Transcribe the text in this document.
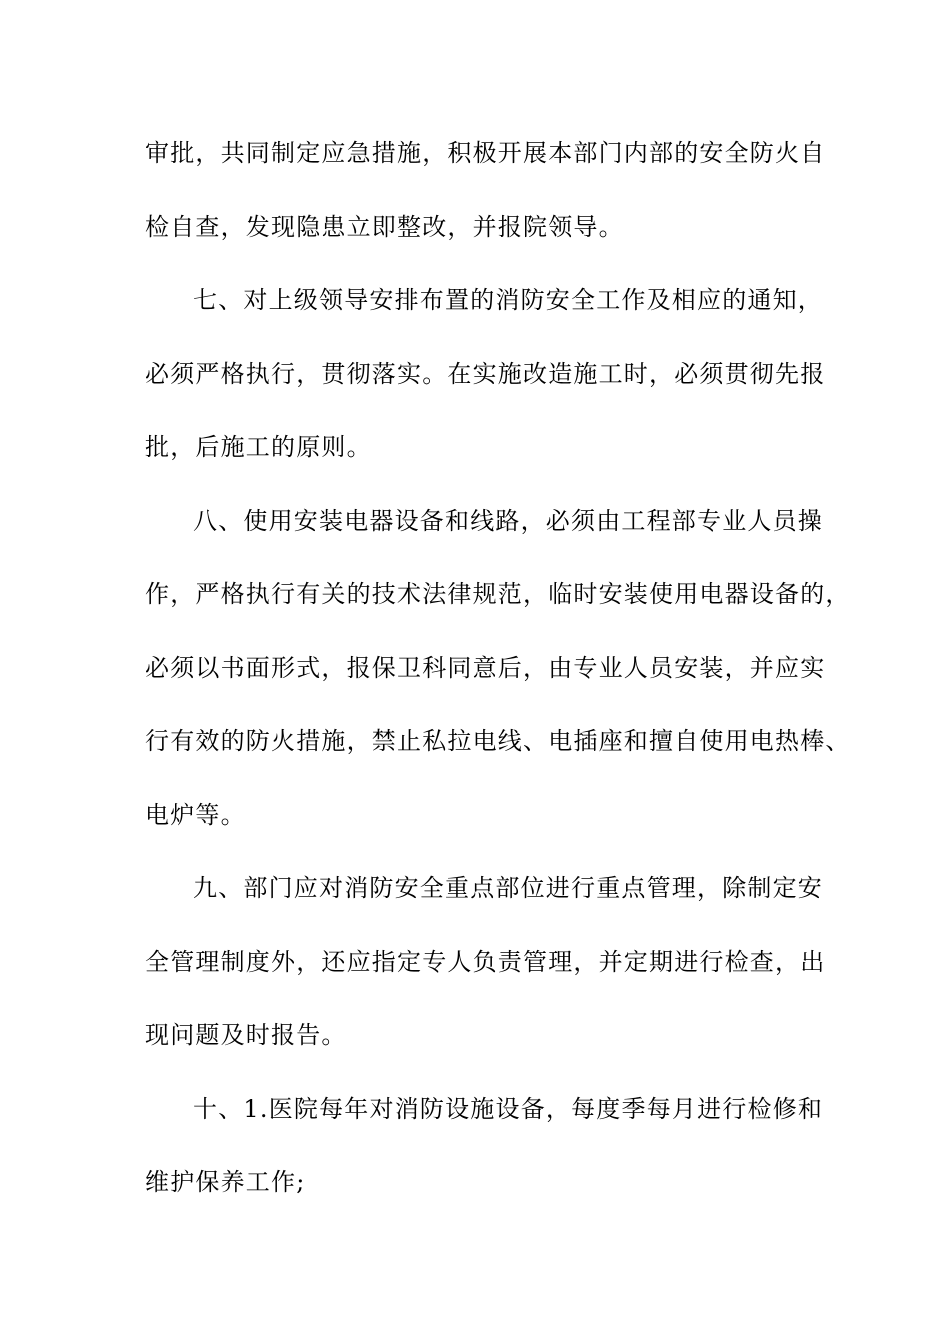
审批，共同制定应急措施，积极开展本部门内部的安全防火自
检自查，发现隐患立即整改，并报院领导。
七、对上级领导安排布置的消防安全工作及相应的通知，
必须严格执行，贯彻落实。在实施改造施工时，必须贯彻先报
批，后施工的原则。
八、使用安装电器设备和线路，必须由工程部专业人员操
作，严格执行有关的技术法律规范，临时安装使用电器设备的，
必须以书面形式，报保卫科同意后，由专业人员安装，并应实
行有效的防火措施，禁止私拉电线、电插座和擅自使用电热棒、
电炉等。
九、部门应对消防安全重点部位进行重点管理，除制定安
全管理制度外，还应指定专人负责管理，并定期进行检查，出
现问题及时报告。
十、1.医院每年对消防设施设备，每度季每月进行检修和
维护保养工作;
